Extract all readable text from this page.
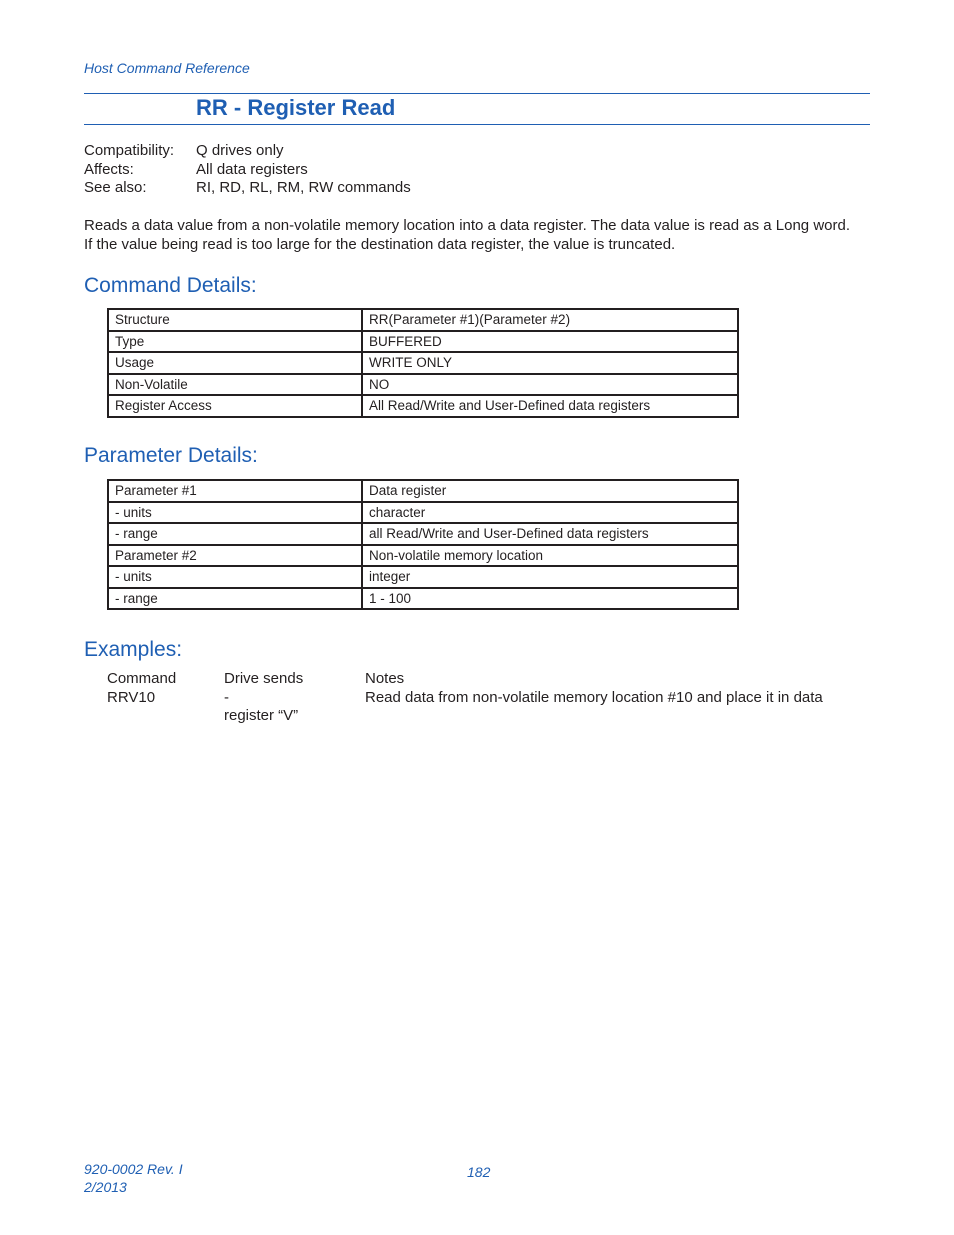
Host Command Reference
RR - Register Read
Compatibility:	Q drives only
Affects:	All data registers
See also:	RI, RD, RL, RM, RW commands
Reads a data value from a non-volatile memory location into a data register. The data value is read as a Long word. If the value being read is too large for the destination data register, the value is truncated.
Command Details:
Structure	RR(Parameter #1)(Parameter #2)
Type	BUFFERED
Usage	WRITE ONLY
Non-Volatile	NO
Register Access	All Read/Write and User-Defined data registers
Parameter Details:
Parameter #1	Data register
- units	character
- range	all Read/Write and User-Defined data registers
Parameter #2	Non-volatile memory location
- units	integer
- range	1 - 100
Examples:
Command	Drive sends	Notes
RRV10	-	Read data from non-volatile memory location #10 and place it in data
register “V”
920-0002 Rev. I
2/2013
182
